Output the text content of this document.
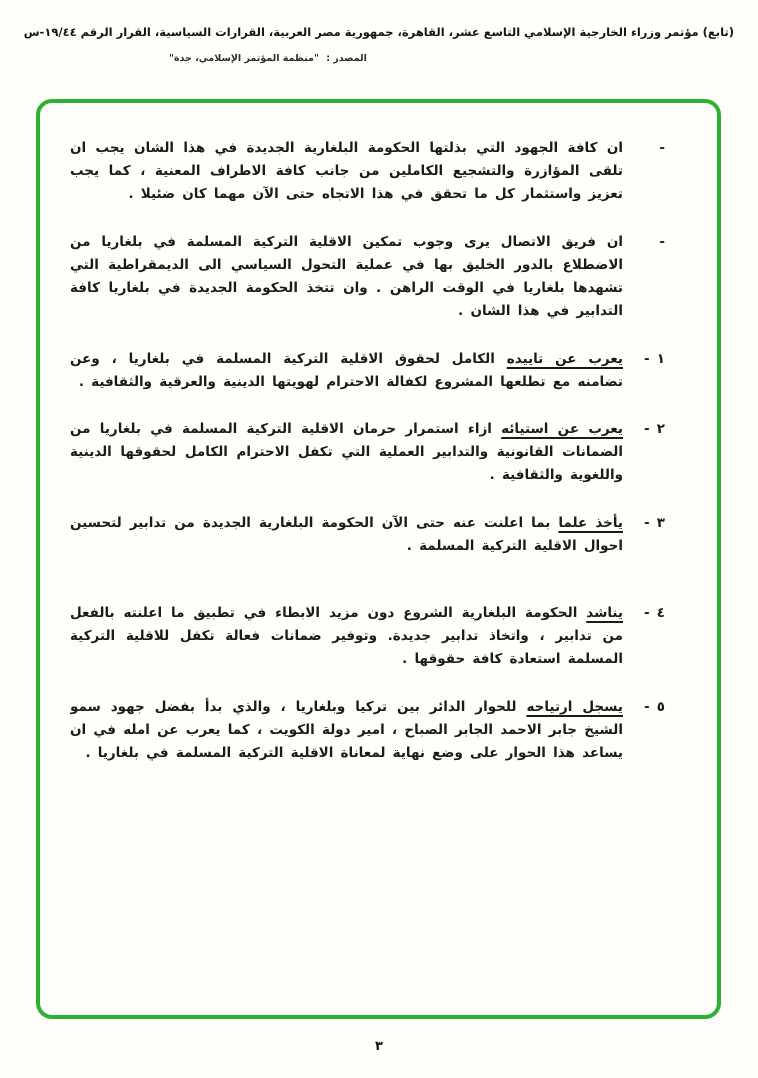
(تابع) مؤتمر وزراء الخارجية الإسلامي التاسع عشر، القاهرة، جمهورية مصر العربية، القرارات السياسية، القرار الرقم ١٩/٤٤-س
المصدر : "منظمة المؤتمر الإسلامي، جدة"
-
ان كافة الجهود التي بذلتها الحكومة البلغارية الجديدة في هذا الشان يجب ان تلقى المؤازرة والتشجيع الكاملين من جانب كافة الاطراف المعنية ، كما يجب تعزيز واستثمار كل ما تحقق في هذا الاتجاه حتى الآن مهما كان ضئيلا .
-
ان فريق الاتصال يرى وجوب تمكين الاقلية التركية المسلمة في بلغاريا من الاضطلاع بالدور الخليق بها في عملية التحول السياسي الى الديمقراطية التي تشهدها بلغاريا في الوقت الراهن . وان تتخذ الحكومة الجديدة في بلغاريا كافة التدابير في هذا الشان .
١ -
يعرب عن تاييده الكامل لحقوق الاقلية التركية المسلمة في بلغاريا ، وعن تضامنه مع تطلعها المشروع لكفالة الاحترام لهويتها الدينية والعرقية والثقافية .
٢ -
يعرب عن استيائه ازاء استمرار حرمان الاقلية التركية المسلمة في بلغاريا من الضمانات القانونية والتدابير العملية التي تكفل الاحترام الكامل لحقوقها الدينية واللغوية والثقافية .
٣ -
يأخذ علما بما اعلنت عنه حتى الآن الحكومة البلغارية الجديدة من تدابير لتحسين احوال الاقلية التركية المسلمة .
٤ -
يناشد الحكومة البلغارية الشروع دون مزيد الابطاء في تطبيق ما اعلنته بالفعل من تدابير ، واتخاذ تدابير جديدة. وتوفير ضمانات فعالة تكفل للاقلية التركية المسلمة استعادة كافة حقوقها .
٥ -
يسجل ارتياحه للحوار الدائر بين تركيا وبلغاريا ، والذي بدأ بفضل جهود سمو الشيخ جابر الاحمد الجابر الصباح ، امير دولة الكويت ، كما يعرب عن امله في ان يساعد هذا الحوار على وضع نهاية لمعاناة الاقلية التركية المسلمة في بلغاريا .
٣
